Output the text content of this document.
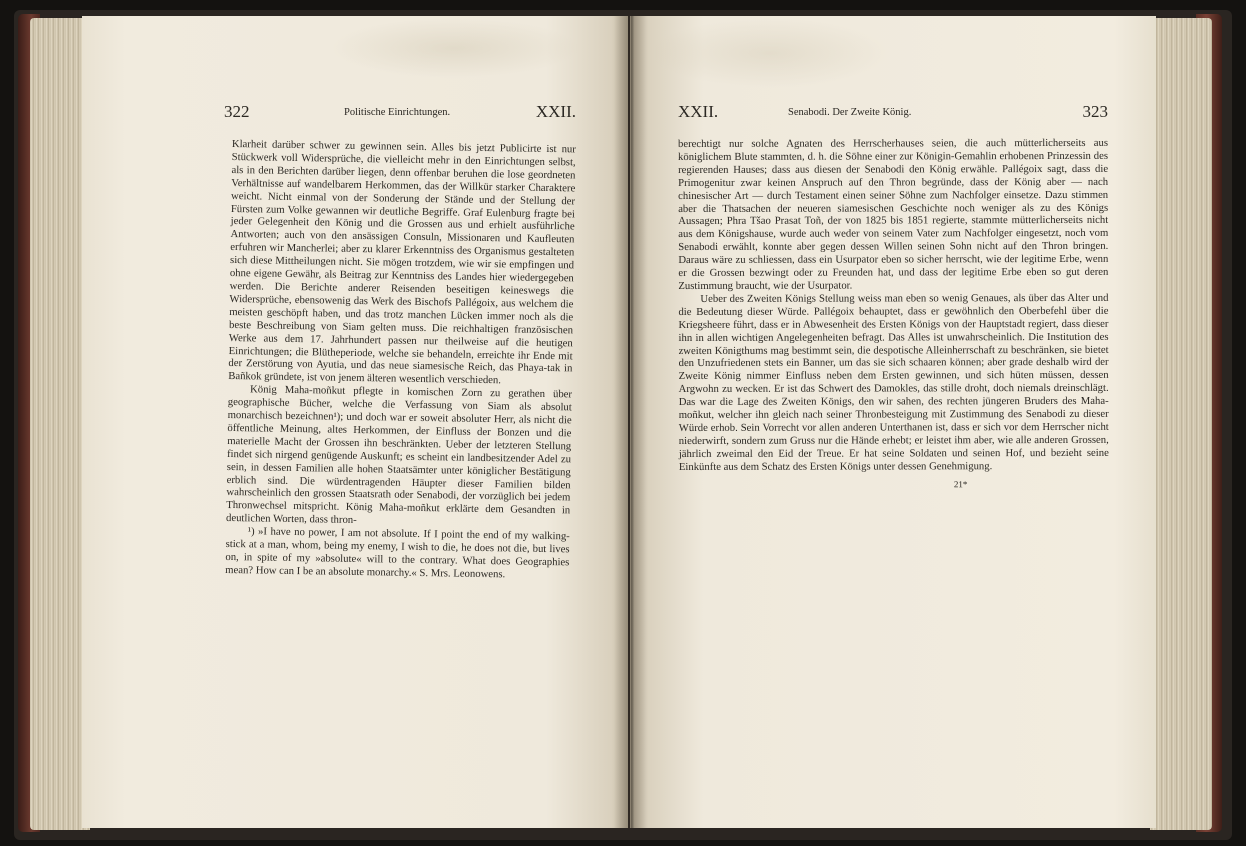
322	Politische Einrichtungen.	XXII.

Klarheit darüber schwer zu gewinnen sein. Alles bis jetzt Publicirte ist nur Stückwerk voll Widersprüche, die vielleicht mehr in den Einrichtungen selbst, als in den Berichten darüber liegen, denn offenbar beruhen die lose geordneten Verhältnisse auf wandelbarem Herkommen, das der Willkür starker Charaktere weicht. Nicht einmal von der Sonderung der Stände und der Stellung der Fürsten zum Volke gewannen wir deutliche Begriffe. Graf Eulenburg fragte bei jeder Gelegenheit den König und die Grossen aus und erhielt ausführliche Antworten; auch von den ansässigen Consuln, Missionaren und Kaufleuten erfuhren wir Mancherlei; aber zu klarer Erkenntniss des Organismus gestalteten sich diese Mittheilungen nicht. Sie mögen trotzdem, wie wir sie empfingen und ohne eigene Gewähr, als Beitrag zur Kenntniss des Landes hier wiedergegeben werden. Die Berichte anderer Reisenden beseitigen keineswegs die Widersprüche, ebensowenig das Werk des Bischofs Pallégoix, aus welchem die meisten geschöpft haben, und das trotz manchen Lücken immer noch als die beste Beschreibung von Siam gelten muss. Die reichhaltigen französischen Werke aus dem 17. Jahrhundert passen nur theilweise auf die heutigen Einrichtungen; die Blütheperiode, welche sie behandeln, erreichte ihr Ende mit der Zerstörung von Ayutia, und das neue siamesische Reich, das Phaya-tak in Bañkok gründete, ist von jenem älteren wesentlich verschieden.

König Maha-moñkut pflegte in komischen Zorn zu gerathen über geographische Bücher, welche die Verfassung von Siam als absolut monarchisch bezeichnen¹); und doch war er soweit absoluter Herr, als nicht die öffentliche Meinung, altes Herkommen, der Einfluss der Bonzen und die materielle Macht der Grossen ihn beschränkten. Ueber der letzteren Stellung findet sich nirgend genügende Auskunft; es scheint ein landbesitzender Adel zu sein, in dessen Familien alle hohen Staatsämter unter königlicher Bestätigung erblich sind. Die würdentragenden Häupter dieser Familien bilden wahrscheinlich den grossen Staatsrath oder Senabodi, der vorzüglich bei jedem Thronwechsel mitspricht. König Maha-moñkut erklärte dem Gesandten in deutlichen Worten, dass thron-

¹) »I have no power, I am not absolute. If I point the end of my walking-stick at a man, whom, being my enemy, I wish to die, he does not die, but lives on, in spite of my »absolute« will to the contrary. What does Geographies mean? How can I be an absolute monarchy.« S. Mrs. Leonowens.

XXII.	Senabodi. Der Zweite König.	323

berechtigt nur solche Agnaten des Herrscherhauses seien, die auch mütterlicherseits aus königlichem Blute stammten, d. h. die Söhne einer zur Königin-Gemahlin erhobenen Prinzessin des regierenden Hauses; dass aus diesen der Senabodi den König erwähle. Pallégoix sagt, dass die Primogenitur zwar keinen Anspruch auf den Thron begründe, dass der König aber — nach chinesischer Art — durch Testament einen seiner Söhne zum Nachfolger einsetze. Dazu stimmen aber die Thatsachen der neueren siamesischen Geschichte noch weniger als zu des Königs Aussagen; Phra Tšao Prasat Toñ, der von 1825 bis 1851 regierte, stammte mütterlicherseits nicht aus dem Königshause, wurde auch weder von seinem Vater zum Nachfolger eingesetzt, noch vom Senabodi erwählt, konnte aber gegen dessen Willen seinen Sohn nicht auf den Thron bringen. Daraus wäre zu schliessen, dass ein Usurpator eben so sicher herrscht, wie der legitime Erbe, wenn er die Grossen bezwingt oder zu Freunden hat, und dass der legitime Erbe eben so gut deren Zustimmung braucht, wie der Usurpator.

Ueber des Zweiten Königs Stellung weiss man eben so wenig Genaues, als über das Alter und die Bedeutung dieser Würde. Pallégoix behauptet, dass er gewöhnlich den Oberbefehl über die Kriegsheere führt, dass er in Abwesenheit des Ersten Königs von der Hauptstadt regiert, dass dieser ihn in allen wichtigen Angelegenheiten befragt. Das Alles ist unwahrscheinlich. Die Institution des zweiten Königthums mag bestimmt sein, die despotische Alleinherrschaft zu beschränken, sie bietet den Unzufriedenen stets ein Banner, um das sie sich schaaren können; aber grade deshalb wird der Zweite König nimmer Einfluss neben dem Ersten gewinnen, und sich hüten müssen, dessen Argwohn zu wecken. Er ist das Schwert des Damokles, das stille droht, doch niemals dreinschlägt. Das war die Lage des Zweiten Königs, den wir sahen, des rechten jüngeren Bruders des Maha-moñkut, welcher ihn gleich nach seiner Thronbesteigung mit Zustimmung des Senabodi zu dieser Würde erhob. Sein Vorrecht vor allen anderen Unterthanen ist, dass er sich vor dem Herrscher nicht niederwirft, sondern zum Gruss nur die Hände erhebt; er leistet ihm aber, wie alle anderen Grossen, jährlich zweimal den Eid der Treue. Er hat seine Soldaten und seinen Hof, und bezieht seine Einkünfte aus dem Schatz des Ersten Königs unter dessen Genehmigung.

21*
